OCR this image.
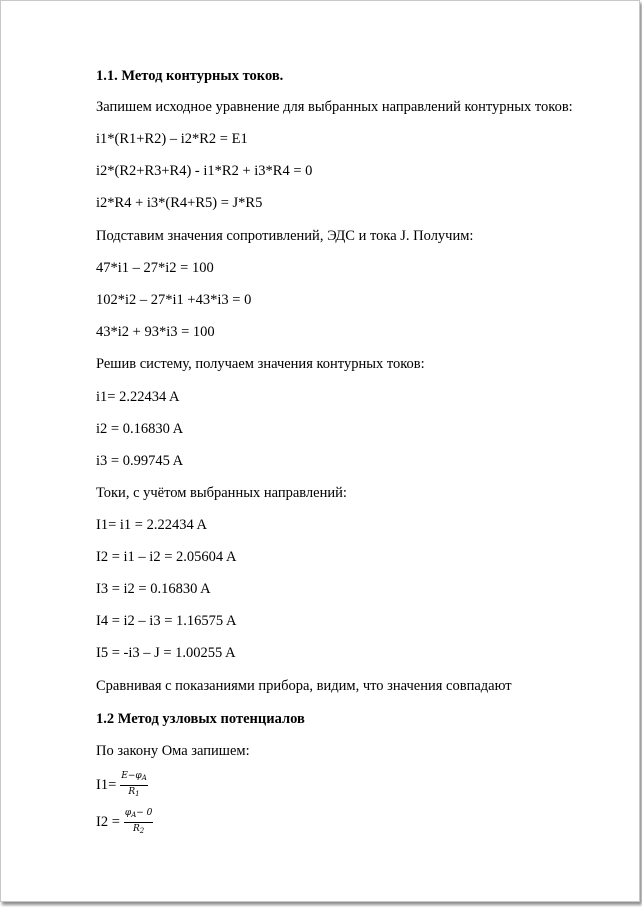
1.1. Метод контурных токов.
Запишем исходное уравнение для выбранных направлений контурных токов:
i1*(R1+R2) – i2*R2 = E1
i2*(R2+R3+R4) - i1*R2 + i3*R4 = 0
i2*R4 + i3*(R4+R5) = J*R5
Подставим значения сопротивлений, ЭДС и тока J. Получим:
47*i1 – 27*i2 = 100
102*i2 – 27*i1 +43*i3 = 0
43*i2 + 93*i3 = 100
Решив систему, получаем значения контурных токов:
i1= 2.22434 A
i2 = 0.16830 A
i3 = 0.99745 A
Токи, с учётом выбранных направлений:
I1= i1 = 2.22434 A
I2 = i1 – i2 = 2.05604 A
I3 = i2 = 0.16830 A
I4 = i2 – i3 = 1.16575 A
I5 = -i3 – J = 1.00255 A
Сравнивая с показаниями прибора, видим, что значения совпадают
1.2 Метод узловых потенциалов
По закону Ома запишем:
$I1= \frac{E-\varphi_A}{R_1}$
$I2 = \frac{\varphi_A- 0}{R_2}$
